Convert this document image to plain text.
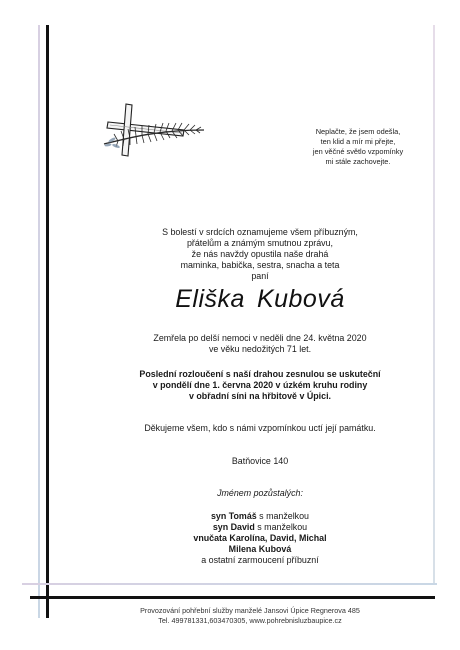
Neplačte, že jsem odešla,
ten klid a mír mi přejte,
jen věčné světlo vzpomínky
mi stále zachovejte.
S bolestí v srdcích oznamujeme všem příbuzným,
přátelům a známým smutnou zprávu,
že nás navždy opustila naše drahá
maminka, babička, sestra, snacha a teta
paní
Eliška Kubová
Zemřela po delší nemoci v neděli dne 24. května 2020
ve věku nedožitých 71 let.
Poslední rozloučení s naší drahou zesnulou se uskuteční
v pondělí dne 1. června 2020 v úzkém kruhu rodiny
v obřadní síni na hřbitově v Úpici.
Děkujeme všem, kdo s námi vzpomínkou uctí její památku.
Batňovice 140
Jménem pozůstalých:
syn Tomáš s manželkou
syn David s manželkou
vnučata Karolína, David, Michal
Milena Kubová
a ostatní zarmoucení příbuzní
Provozování pohřební služby manželé Jansovi Úpice Regnerova 485
Tel. 499781331,603470305, www.pohrebnisluzbaupice.cz
